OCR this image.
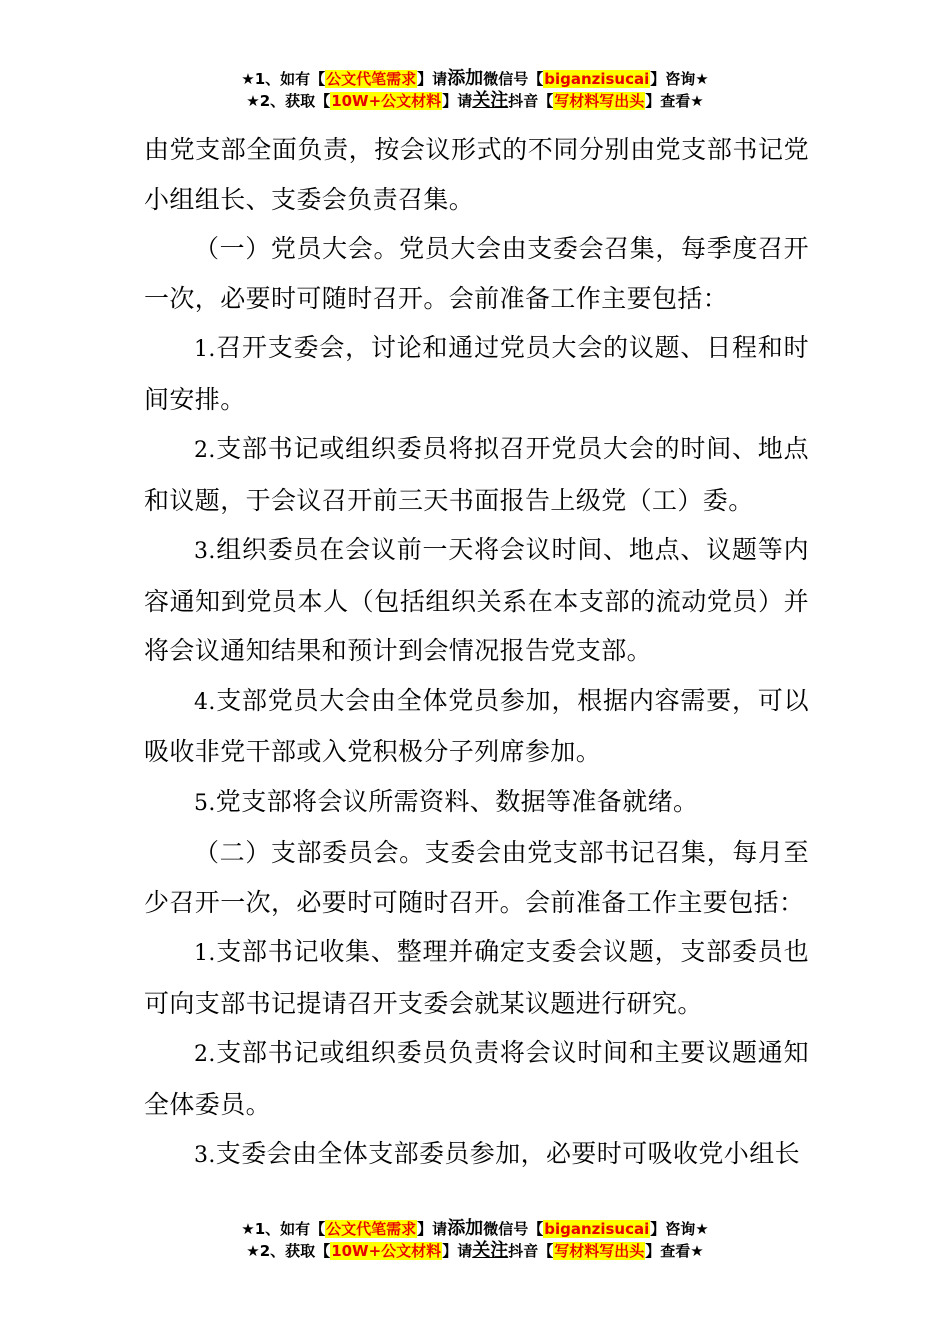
★1、如有【公文代笔需求】请添加微信号【biganzisucai】咨询★
★2、获取【10W+公文材料】请关注抖音【写材料写出头】查看★

由党支部全面负责，按会议形式的不同分别由党支部书记党小组组长、支委会负责召集。

（一）党员大会。党员大会由支委会召集，每季度召开一次，必要时可随时召开。会前准备工作主要包括：

1.召开支委会，讨论和通过党员大会的议题、日程和时间安排。

2.支部书记或组织委员将拟召开党员大会的时间、地点和议题，于会议召开前三天书面报告上级党（工）委。

3.组织委员在会议前一天将会议时间、地点、议题等内容通知到党员本人（包括组织关系在本支部的流动党员）并将会议通知结果和预计到会情况报告党支部。

4.支部党员大会由全体党员参加，根据内容需要，可以吸收非党干部或入党积极分子列席参加。

5.党支部将会议所需资料、数据等准备就绪。

（二）支部委员会。支委会由党支部书记召集，每月至少召开一次，必要时可随时召开。会前准备工作主要包括：

1.支部书记收集、整理并确定支委会议题，支部委员也可向支部书记提请召开支委会就某议题进行研究。

2.支部书记或组织委员负责将会议时间和主要议题通知全体委员。

3.支委会由全体支部委员参加，必要时可吸收党小组长

★1、如有【公文代笔需求】请添加微信号【biganzisucai】咨询★
★2、获取【10W+公文材料】请关注抖音【写材料写出头】查看★
